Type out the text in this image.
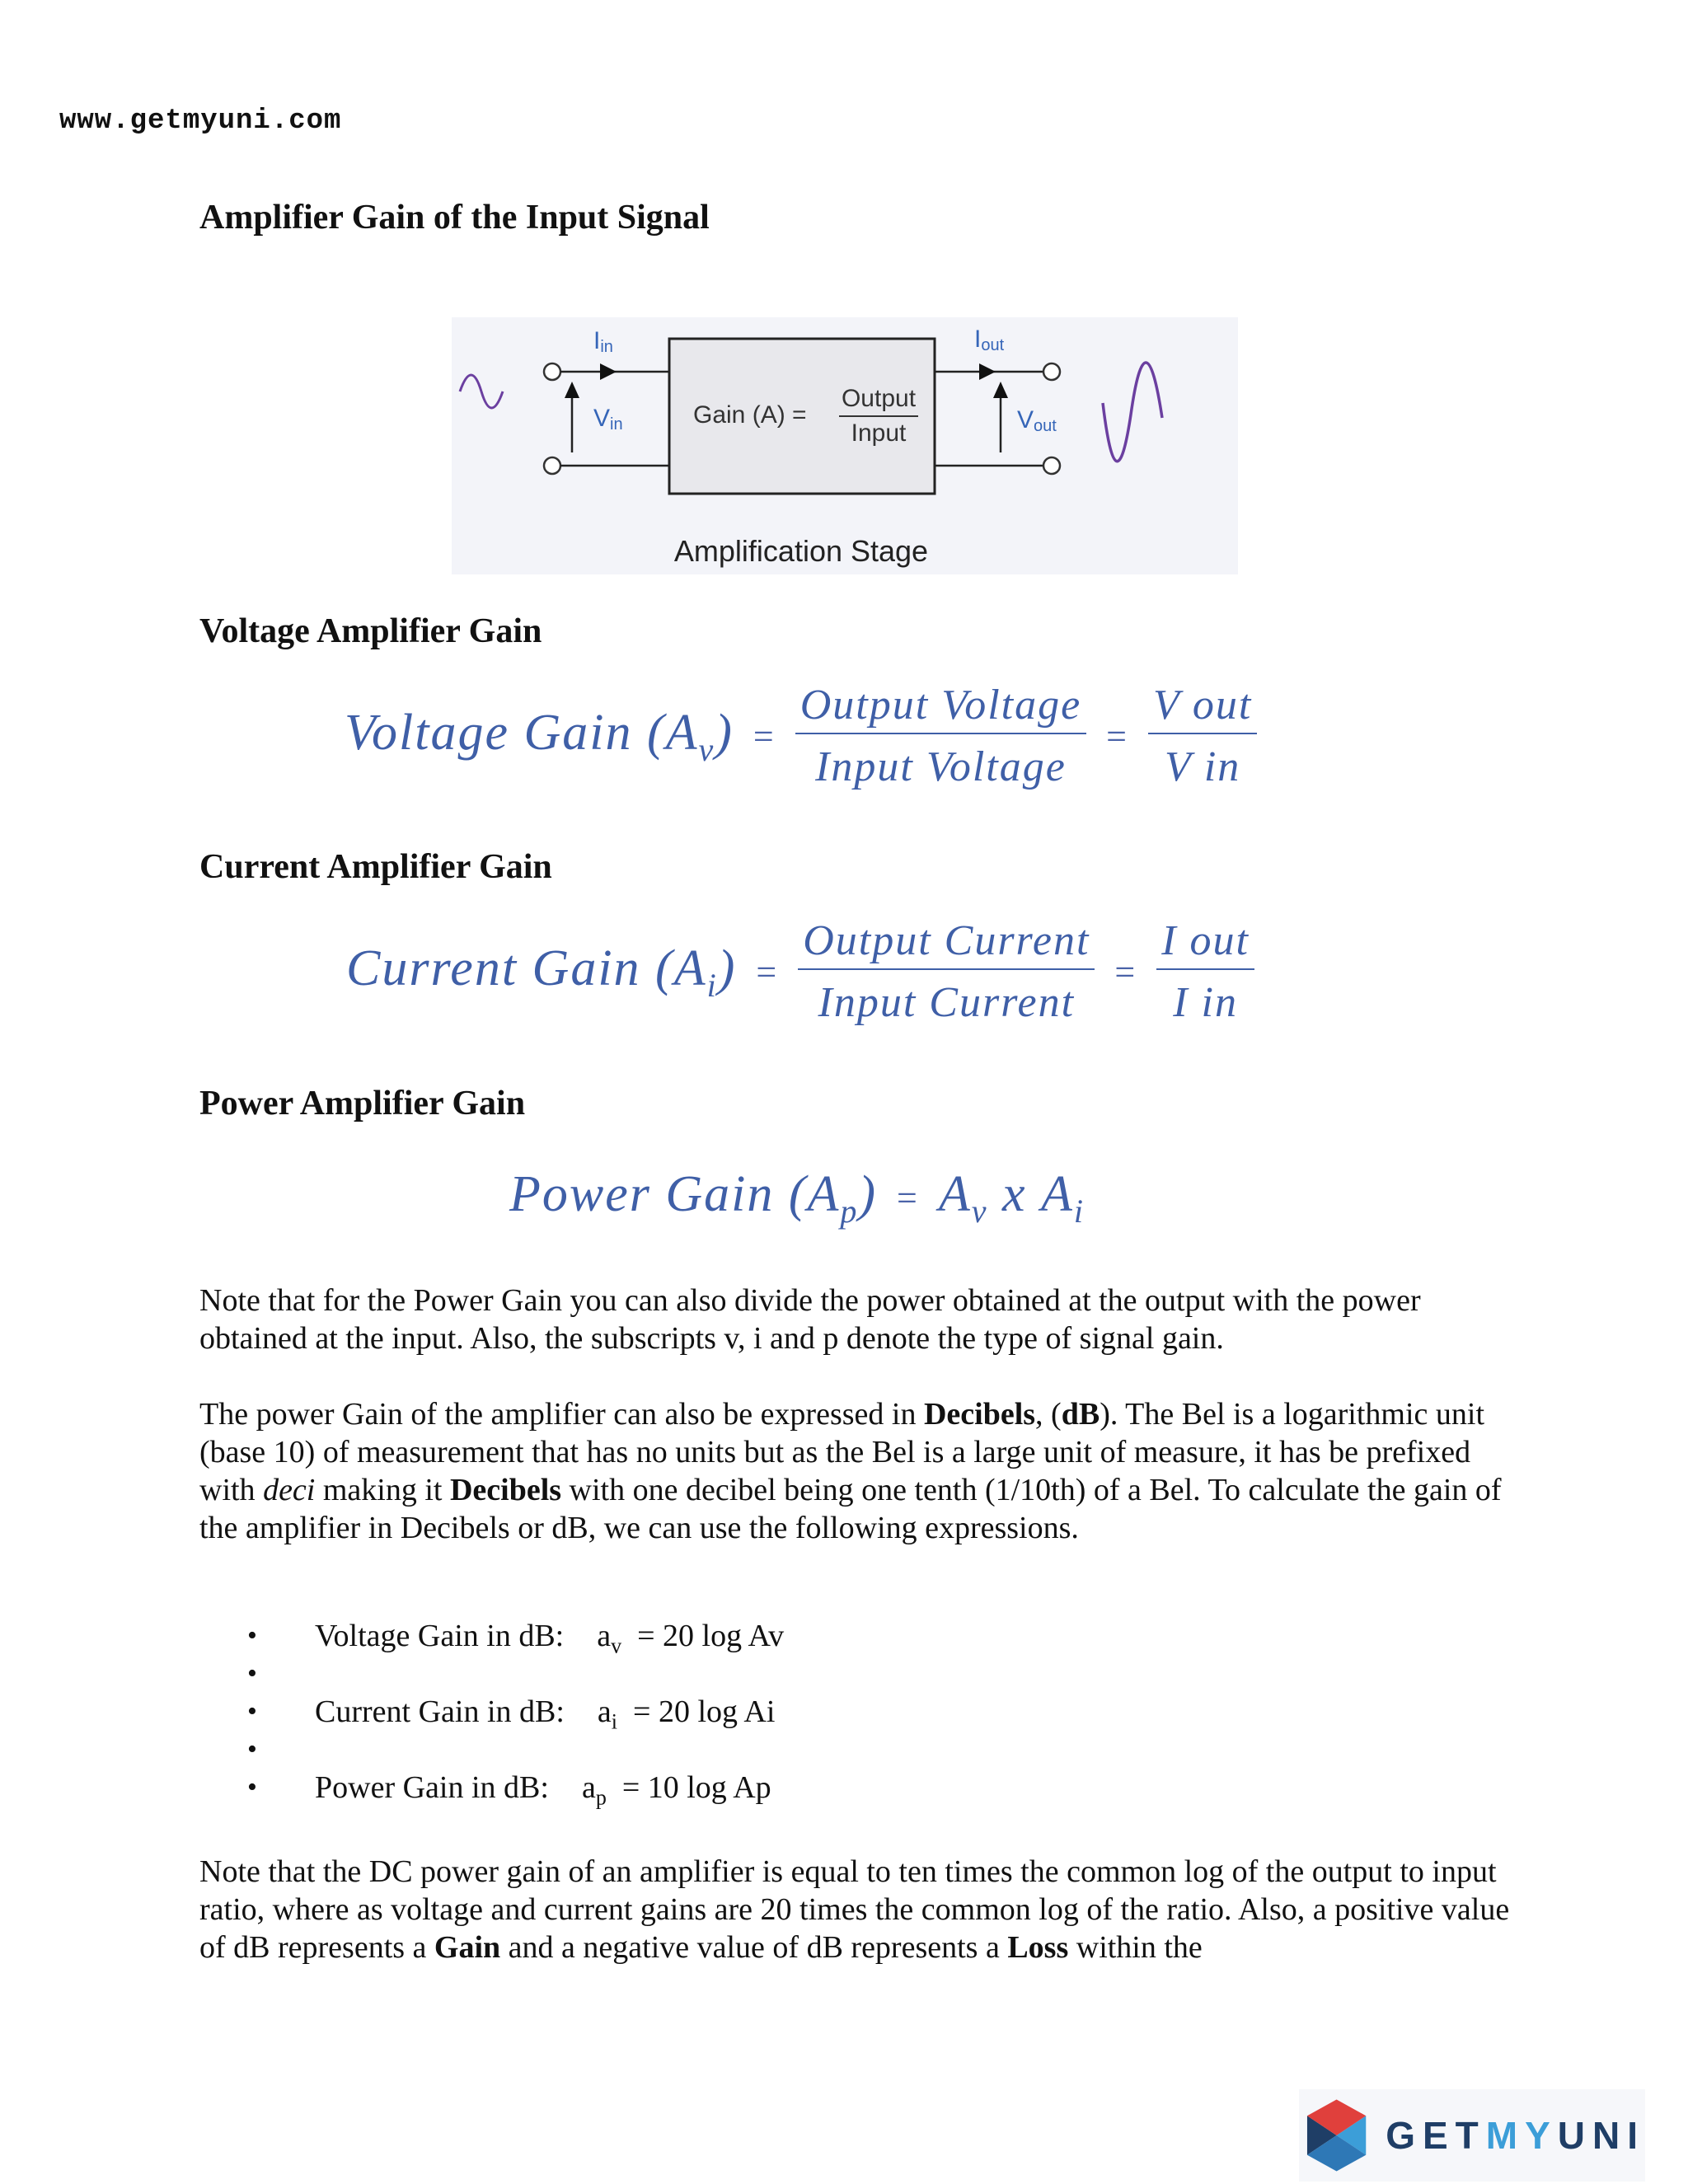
www.getmyuni.com
Amplifier Gain of the Input Signal
Iin
Vin	Gain (A) =
Output
Input
Iout
Vout
Amplification Stage
Voltage Amplifier Gain
Voltage Gain $(A_v) = \frac{\text{Output Voltage}}{\text{Input Voltage}} = \frac{\text{V out}}{\text{V in}}$
Current Amplifier Gain
Current Gain $(A_i) = \frac{\text{Output Current}}{\text{Input Current}} = \frac{\text{I out}}{\text{I in}}$
Power Amplifier Gain
Power Gain $(A_p) = A_v$ x $A_i$

Note that for the Power Gain you can also divide the power obtained at the output with the power obtained at the input. Also, the subscripts v, i and p denote the type of signal gain.

The power Gain of the amplifier can also be expressed in Decibels, (dB). The Bel is a logarithmic unit (base 10) of measurement that has no units but as the Bel is a large unit of measure, it has be prefixed with deci making it Decibels with one decibel being one tenth (1/10th) of a Bel. To calculate the gain of the amplifier in Decibels or dB, we can use the following expressions.

• Voltage Gain in dB: $a_v = 20$ log Av
•
• Current Gain in dB: $a_i = 20$ log Ai
•
• Power Gain in dB: $a_p = 10$ log Ap

Note that the DC power gain of an amplifier is equal to ten times the common log of the output to input ratio, where as voltage and current gains are 20 times the common log of the ratio. Also, a positive value of dB represents a Gain and a negative value of dB represents a Loss within the

GETMYUNI
